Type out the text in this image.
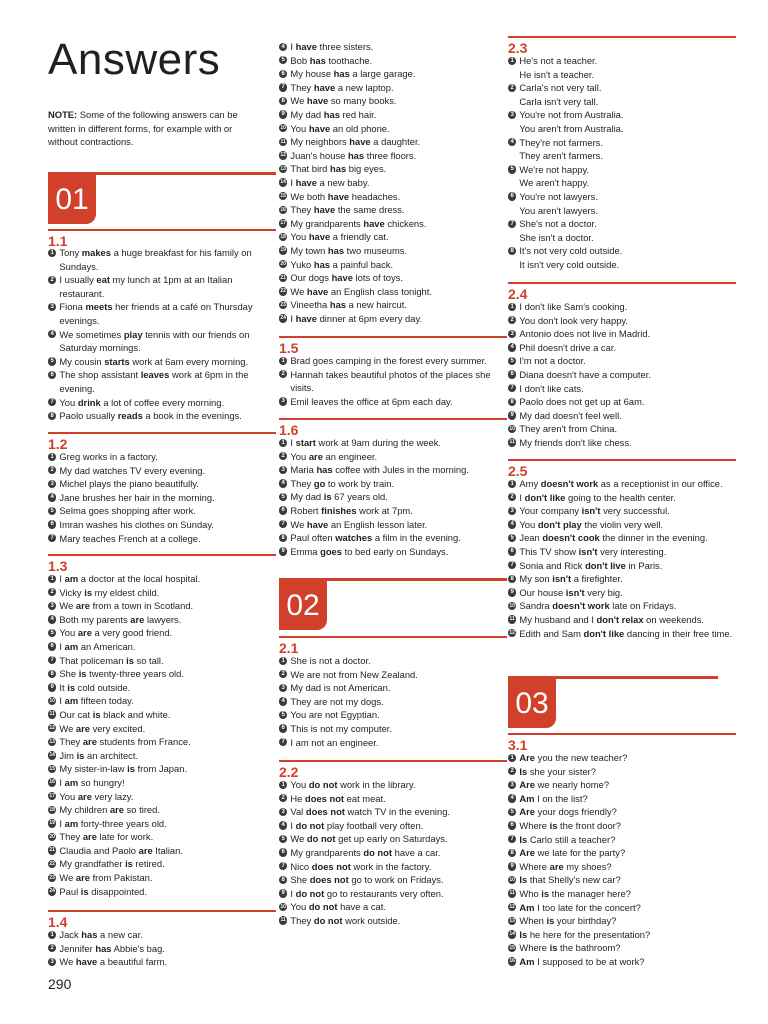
Answers
NOTE: Some of the following answers can be written in different forms, for example with or without contractions.
01
1.1
1 Tony makes a huge breakfast for his family on Sundays.
2 I usually eat my lunch at 1pm at an Italian restaurant.
3 Fiona meets her friends at a café on Thursday evenings.
4 We sometimes play tennis with our friends on Saturday mornings.
5 My cousin starts work at 6am every morning.
6 The shop assistant leaves work at 6pm in the evening.
7 You drink a lot of coffee every morning.
8 Paolo usually reads a book in the evenings.
1.2
1 Greg works in a factory.
2 My dad watches TV every evening.
3 Michel plays the piano beautifully.
4 Jane brushes her hair in the morning.
5 Selma goes shopping after work.
6 Imran washes his clothes on Sunday.
7 Mary teaches French at a college.
1.3
1 I am a doctor at the local hospital.
2 Vicky is my eldest child.
3 We are from a town in Scotland.
4 Both my parents are lawyers.
5 You are a very good friend.
6 I am an American.
7 That policeman is so tall.
8 She is twenty-three years old.
9 It is cold outside.
10 I am fifteen today.
11 Our cat is black and white.
12 We are very excited.
13 They are students from France.
14 Jim is an architect.
15 My sister-in-law is from Japan.
16 I am so hungry!
17 You are very lazy.
18 My children are so tired.
19 I am forty-three years old.
20 They are late for work.
21 Claudia and Paolo are Italian.
22 My grandfather is retired.
23 We are from Pakistan.
24 Paul is disappointed.
1.4
1 Jack has a new car.
2 Jennifer has Abbie's bag.
3 We have a beautiful farm.
290
4 I have three sisters.
5 Bob has toothache.
6 My house has a large garage.
7 They have a new laptop.
8 We have so many books.
9 My dad has red hair.
10 You have an old phone.
11 My neighbors have a daughter.
12 Juan's house has three floors.
13 That bird has big eyes.
14 I have a new baby.
15 We both have headaches.
16 They have the same dress.
17 My grandparents have chickens.
18 You have a friendly cat.
19 My town has two museums.
20 Yuko has a painful back.
21 Our dogs have lots of toys.
22 We have an English class tonight.
23 Vineetha has a new haircut.
24 I have dinner at 6pm every day.
1.5
1 Brad goes camping in the forest every summer.
2 Hannah takes beautiful photos of the places she visits.
3 Emil leaves the office at 6pm each day.
1.6
1 I start work at 9am during the week.
2 You are an engineer.
3 Maria has coffee with Jules in the morning.
4 They go to work by train.
5 My dad is 67 years old.
6 Robert finishes work at 7pm.
7 We have an English lesson later.
8 Paul often watches a film in the evening.
9 Emma goes to bed early on Sundays.
02
2.1
1 She is not a doctor.
2 We are not from New Zealand.
3 My dad is not American.
4 They are not my dogs.
5 You are not Egyptian.
6 This is not my computer.
7 I am not an engineer.
2.2
1 You do not work in the library.
2 He does not eat meat.
3 Val does not watch TV in the evening.
4 I do not play football very often.
5 We do not get up early on Saturdays.
6 My grandparents do not have a car.
7 Nico does not work in the factory.
8 She does not go to work on Fridays.
9 I do not go to restaurants very often.
10 You do not have a cat.
11 They do not work outside.
2.3
1 He's not a teacher.
He isn't a teacher.
2 Carla's not very tall.
Carla isn't very tall.
3 You're not from Australia.
You aren't from Australia.
4 They're not farmers.
They aren't farmers.
5 We're not happy.
We aren't happy.
6 You're not lawyers.
You aren't lawyers.
7 She's not a doctor.
She isn't a doctor.
8 It's not very cold outside.
It isn't very cold outside.
2.4
1 I don't like Sam's cooking.
2 You don't look very happy.
3 Antonio does not live in Madrid.
4 Phil doesn't drive a car.
5 I'm not a doctor.
6 Diana doesn't have a computer.
7 I don't like cats.
8 Paolo does not get up at 6am.
9 My dad doesn't feel well.
10 They aren't from China.
11 My friends don't like chess.
2.5
1 Amy doesn't work as a receptionist in our office.
2 I don't like going to the health center.
3 Your company isn't very successful.
4 You don't play the violin very well.
5 Jean doesn't cook the dinner in the evening.
6 This TV show isn't very interesting.
7 Sonia and Rick don't live in Paris.
8 My son isn't a firefighter.
9 Our house isn't very big.
10 Sandra doesn't work late on Fridays.
11 My husband and I don't relax on weekends.
12 Edith and Sam don't like dancing in their free time.
03
3.1
1 Are you the new teacher?
2 Is she your sister?
3 Are we nearly home?
4 Am I on the list?
5 Are your dogs friendly?
6 Where is the front door?
7 Is Carlo still a teacher?
8 Are we late for the party?
9 Where are my shoes?
10 Is that Shelly's new car?
11 Who is the manager here?
12 Am I too late for the concert?
13 When is your birthday?
14 Is he here for the presentation?
15 Where is the bathroom?
16 Am I supposed to be at work?
